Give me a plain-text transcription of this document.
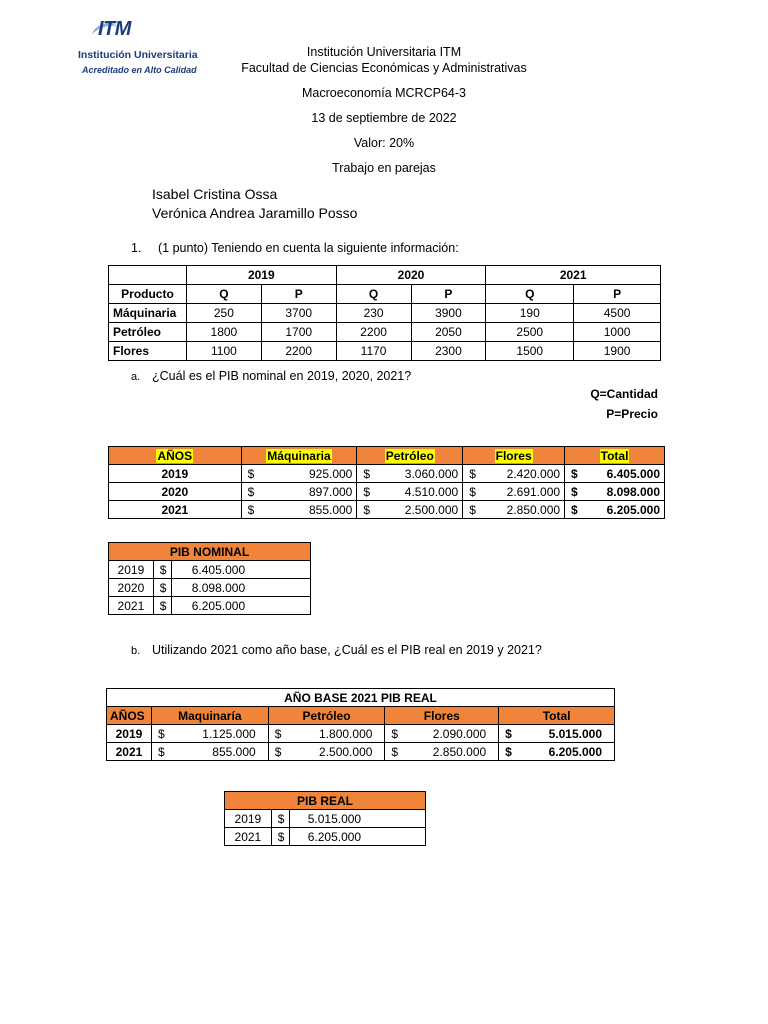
ITM
Institución Universitaria
Acreditado en Alto Calidad
Institución Universitaria ITM
Facultad de Ciencias Económicas y Administrativas
Macroeconomía MCRCP64-3
13 de septiembre de 2022
Valor: 20%
Trabajo en parejas
Isabel Cristina Ossa
Verónica Andrea Jaramillo Posso
1. (1 punto) Teniendo en cuenta la siguiente información:
	2019		2020		2021	
Producto	Q	P	Q	P	Q	P
Máquinaria	250	3700	230	3900	190	4500
Petróleo	1800	1700	2200	2050	2500	1000
Flores	1100	2200	1170	2300	1500	1900
a. ¿Cuál es el PIB nominal en 2019, 2020, 2021?
Q=Cantidad
P=Precio
AÑOS	Máquinaria		Petróleo		Flores		Total	
2019	$	925.000	$	3.060.000	$	2.420.000	$	6.405.000
2020	$	897.000	$	4.510.000	$	2.691.000	$	8.098.000
2021	$	855.000	$	2.500.000	$	2.850.000	$	6.205.000
PIB NOMINAL		
2019	$	6.405.000
2020	$	8.098.000
2021	$	6.205.000
b. Utilizando 2021 como año base, ¿Cuál es el PIB real en 2019 y 2021?
AÑO BASE 2021 PIB REAL								
AÑOS	Maquinaría		Petróleo		Flores		Total	
2019	$	1.125.000	$	1.800.000	$	2.090.000	$	5.015.000
2021	$	855.000	$	2.500.000	$	2.850.000	$	6.205.000
PIB REAL		
2019	$	5.015.000
2021	$	6.205.000
